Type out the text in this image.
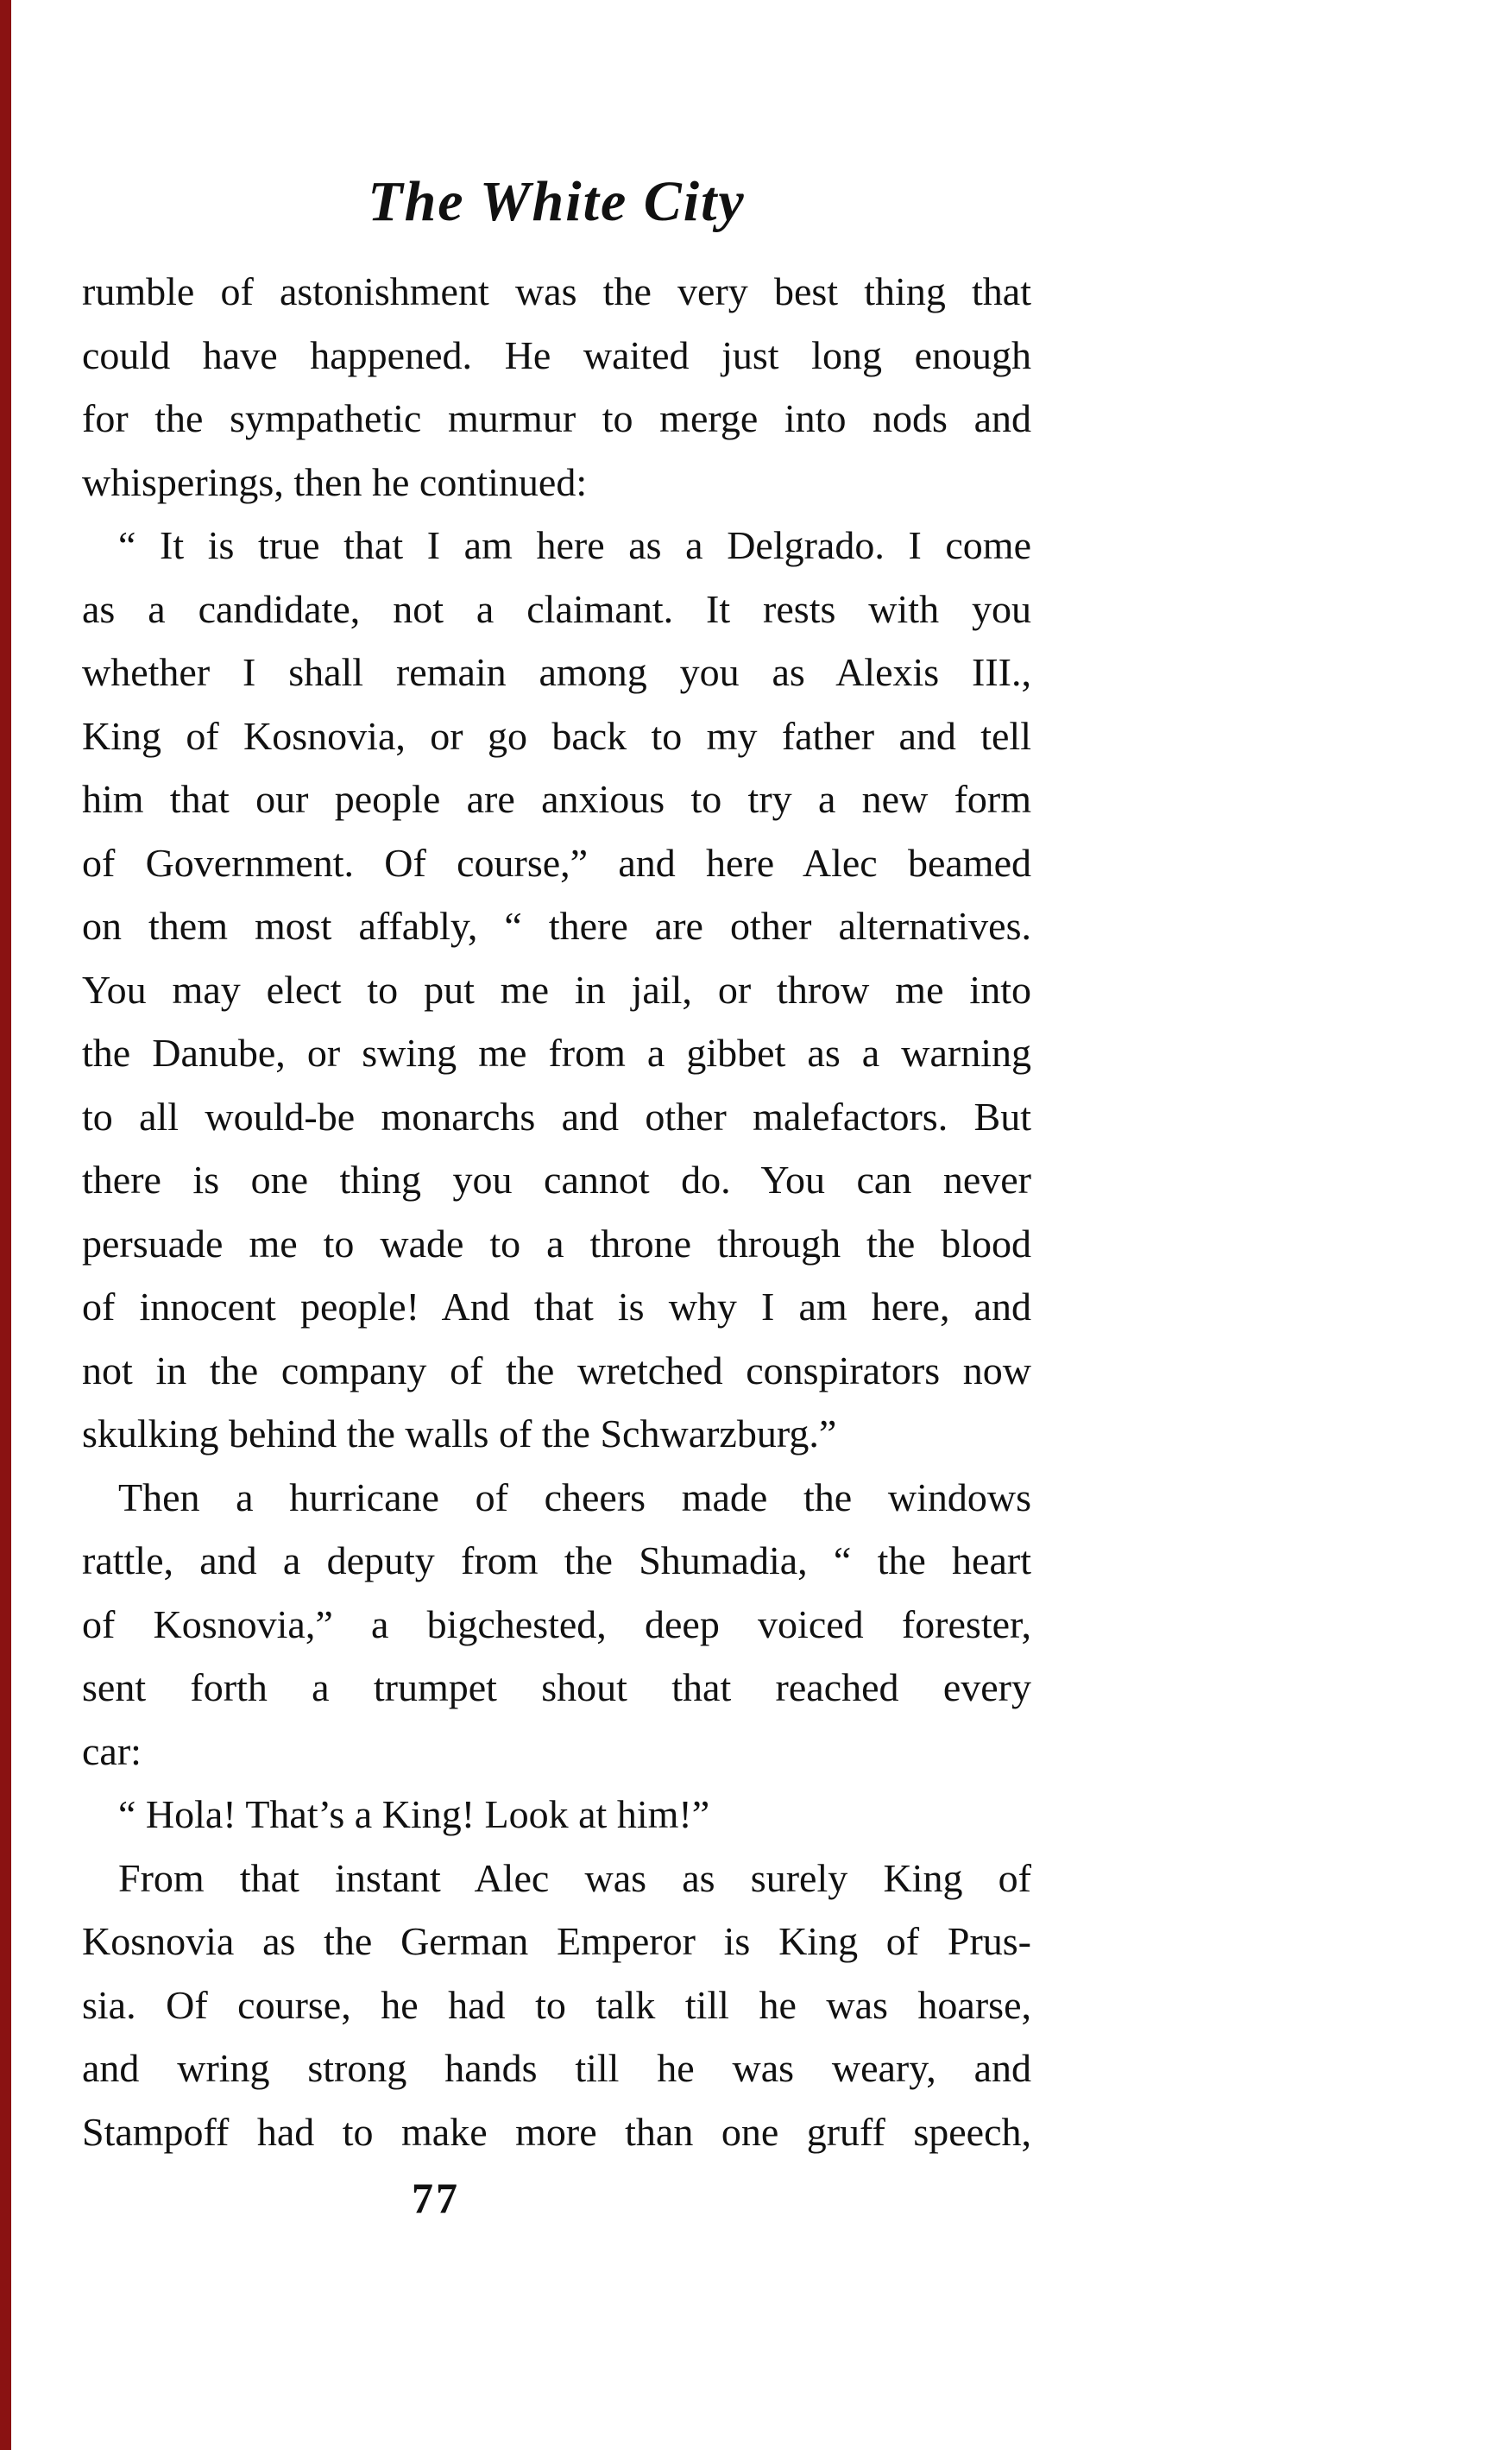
The White City
rumble of astonishment was the very best thing that
could have happened. He waited just long enough
for the sympathetic murmur to merge into nods and
whisperings, then he continued:
“ It is true that I am here as a Delgrado. I come
as a candidate, not a claimant. It rests with you
whether I shall remain among you as Alexis III.,
King of Kosnovia, or go back to my father and tell
him that our people are anxious to try a new form
of Government. Of course,” and here Alec beamed
on them most affably, “ there are other alternatives.
You may elect to put me in jail, or throw me into
the Danube, or swing me from a gibbet as a warning
to all would-be monarchs and other malefactors. But
there is one thing you cannot do. You can never
persuade me to wade to a throne through the blood
of innocent people! And that is why I am here, and
not in the company of the wretched conspirators now
skulking behind the walls of the Schwarzburg.”
Then a hurricane of cheers made the windows
rattle, and a deputy from the Shumadia, “ the heart
of Kosnovia,” a bigchested, deep voiced forester,
sent forth a trumpet shout that reached every
car:
“ Hola! That’s a King! Look at him!”
From that instant Alec was as surely King of
Kosnovia as the German Emperor is King of Prus-
sia. Of course, he had to talk till he was hoarse,
and wring strong hands till he was weary, and
Stampoff had to make more than one gruff speech,
77
